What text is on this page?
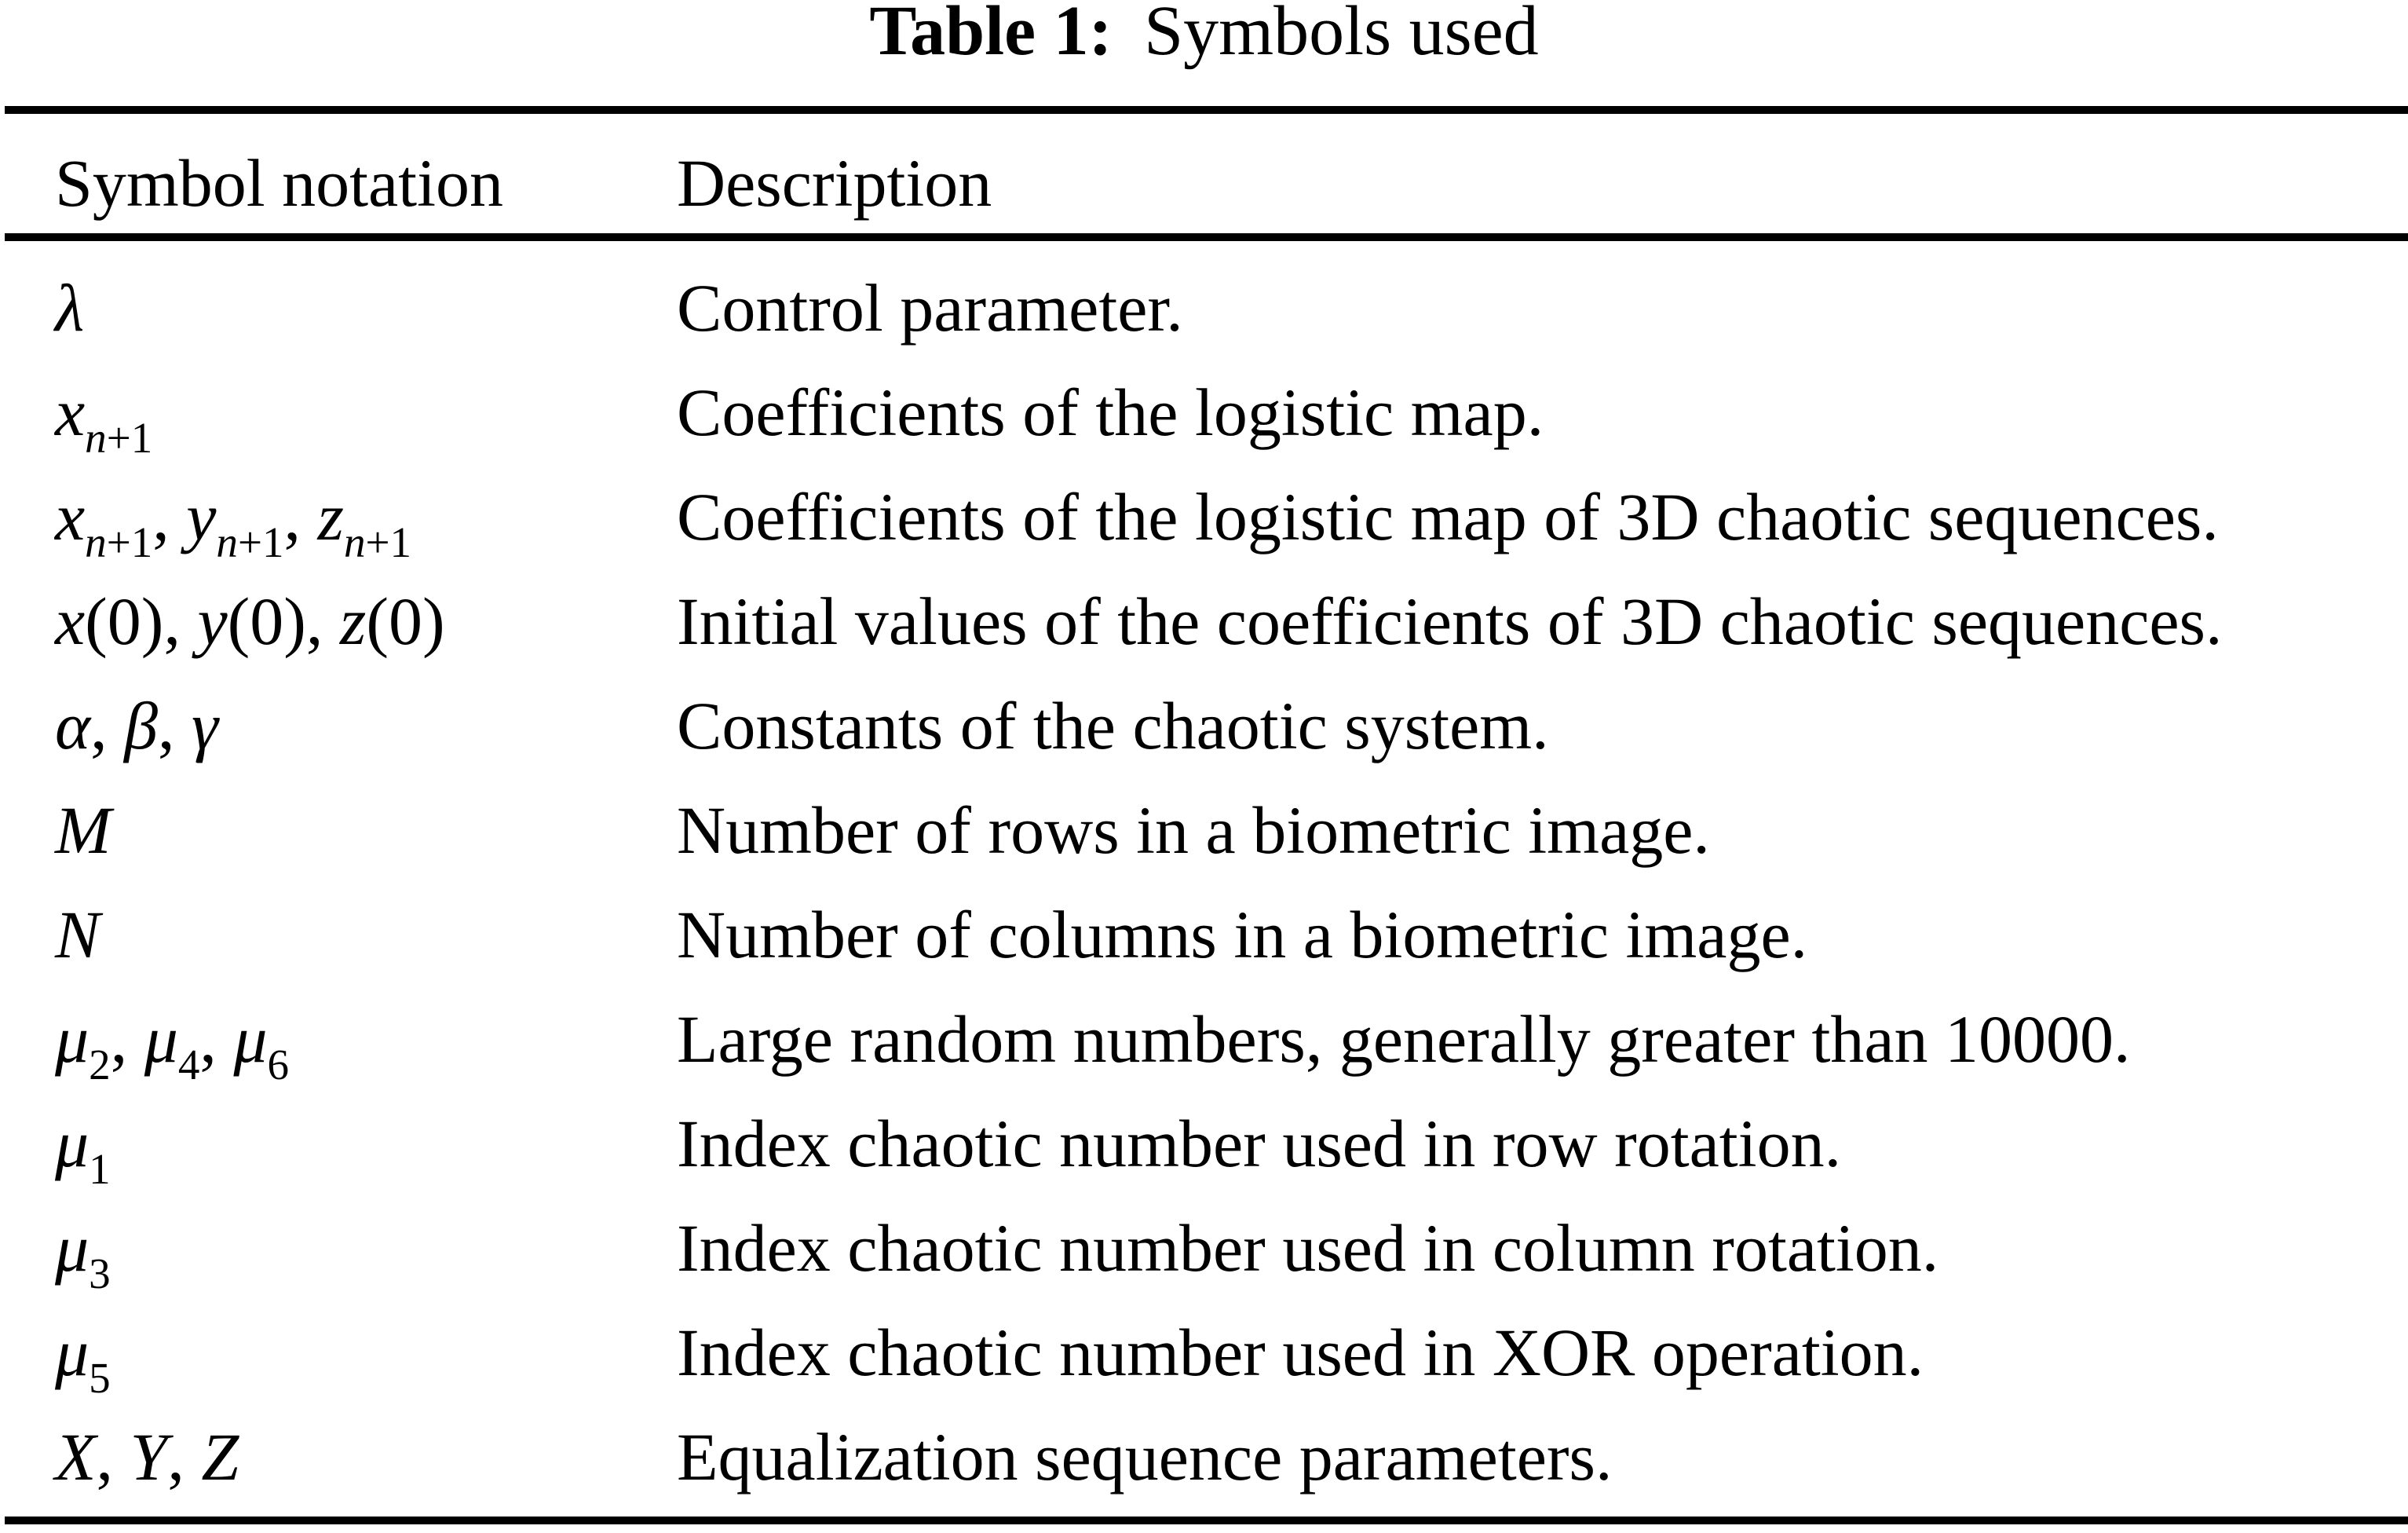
Table 1: Symbols used
Symbol notation	Description
λ	Control parameter.
$x_{n+1}$	Coefficients of the logistic map.
$x_{n+1}$, $y_{n+1}$, $z_{n+1}$	Coefficients of the logistic map of 3D chaotic sequences.
x(0), y(0), z(0)	Initial values of the coefficients of 3D chaotic sequences.
α, β, γ	Constants of the chaotic system.
M	Number of rows in a biometric image.
N	Number of columns in a biometric image.
$\mu_2$, $\mu_4$, $\mu_6$	Large random numbers, generally greater than 10000.
$\mu_1$	Index chaotic number used in row rotation.
$\mu_3$	Index chaotic number used in column rotation.
$\mu_5$	Index chaotic number used in XOR operation.
X, Y, Z	Equalization sequence parameters.
